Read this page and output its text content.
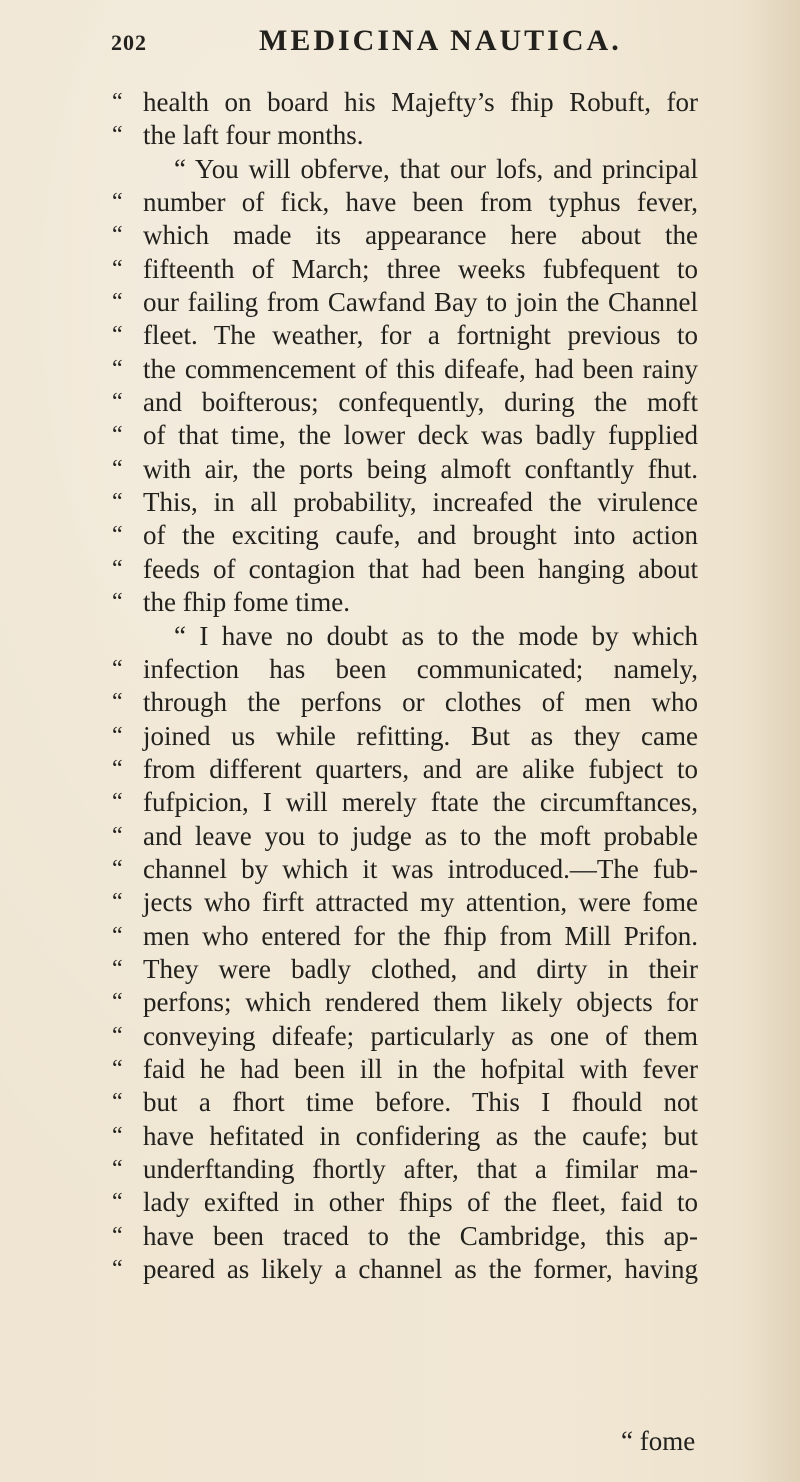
202	MEDICINA NAUTICA.
“ health on board his Majefty’s fhip Robuft, for
“ the laft four months.
“ You will obferve, that our lofs, and principal
“ number of fick, have been from typhus fever,
“ which made its appearance here about the
“ fifteenth of March; three weeks fubfequent to
“ our failing from Cawfand Bay to join the Channel
“ fleet. The weather, for a fortnight previous to
“ the commencement of this difeafe, had been rainy
“ and boifterous; confequently, during the moft
“ of that time, the lower deck was badly fupplied
“ with air, the ports being almoft conftantly fhut.
“ This, in all probability, increafed the virulence
“ of the exciting caufe, and brought into action
“ feeds of contagion that had been hanging about
“ the fhip fome time.
“ I have no doubt as to the mode by which
“ infection has been communicated; namely,
“ through the perfons or clothes of men who
“ joined us while refitting. But as they came
“ from different quarters, and are alike fubject to
“ fufpicion, I will merely ftate the circumftances,
“ and leave you to judge as to the moft probable
“ channel by which it was introduced.—The fub-
“ jects who firft attracted my attention, were fome
“ men who entered for the fhip from Mill Prifon.
“ They were badly clothed, and dirty in their
“ perfons; which rendered them likely objects for
“ conveying difeafe; particularly as one of them
“ faid he had been ill in the hofpital with fever
“ but a fhort time before. This I fhould not
“ have hefitated in confidering as the caufe; but
“ underftanding fhortly after, that a fimilar ma-
“ lady exifted in other fhips of the fleet, faid to
“ have been traced to the Cambridge, this ap-
“ peared as likely a channel as the former, having
“ fome
